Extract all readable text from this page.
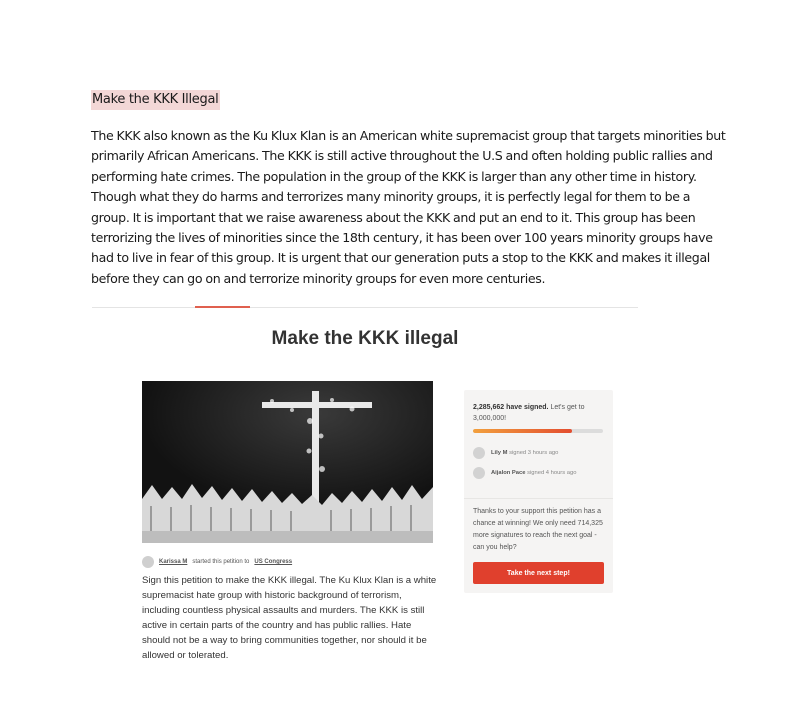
Make the KKK Illegal

The KKK also known as the Ku Klux Klan is an American white supremacist group that targets minorities but primarily African Americans. The KKK is still active throughout the U.S and often holding public rallies and performing hate crimes. The population in the group of the KKK is larger than any other time in history. Though what they do harms and terrorizes many minority groups, it is perfectly legal for them to be a group. It is important that we raise awareness about the KKK and put an end to it. This group has been terrorizing the lives of minorities since the 18th century, it has been over 100 years minority groups have had to live in fear of this group. It is urgent that our generation puts a stop to the KKK and makes it illegal before they can go on and terrorize minority groups for even more centuries.

Make the KKK illegal
Karissa M started this petition to US Congress

Sign this petition to make the KKK illegal. The Ku Klux Klan is a white supremacist hate group with historic background of terrorism, including countless physical assaults and murders. The KKK is still active in certain parts of the country and has public rallies. Hate should not be a way to bring communities together, nor should it be allowed or tolerated.

2,285,662 have signed. Let's get to 3,000,000!
Lily M signed 3 hours ago
Aijalon Pace signed 4 hours ago

Thanks to your support this petition has a chance at winning! We only need 714,325 more signatures to reach the next goal - can you help?

Take the next step!
